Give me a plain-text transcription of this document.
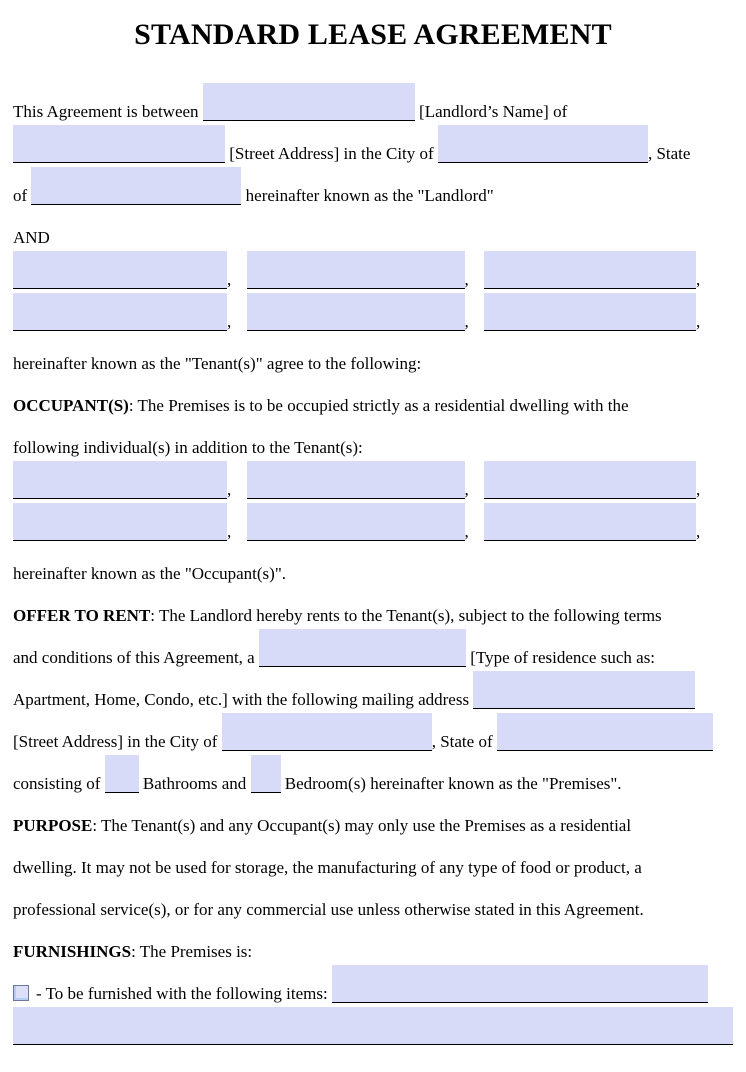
STANDARD LEASE AGREEMENT
This Agreement is between	[Landlord’s Name] of
[Street Address] in the City of	, State
of	hereinafter known as the "Landlord"
AND
,	,	,
,	,	,
hereinafter known as the "Tenant(s)" agree to the following:
OCCUPANT(S): The Premises is to be occupied strictly as a residential dwelling with the
following individual(s) in addition to the Tenant(s):
,	,	,
,	,	,
hereinafter known as the "Occupant(s)".
OFFER TO RENT: The Landlord hereby rents to the Tenant(s), subject to the following terms
and conditions of this Agreement, a	[Type of residence such as:
Apartment, Home, Condo, etc.] with the following mailing address
[Street Address] in the City of	, State of
consisting of	Bathrooms and Bedroom(s) hereinafter known as the "Premises".
PURPOSE: The Tenant(s) and any Occupant(s) may only use the Premises as a residential
dwelling. It may not be used for storage, the manufacturing of any type of food or product, a
professional service(s), or for any commercial use unless otherwise stated in this Agreement.
FURNISHINGS: The Premises is:
- To be furnished with the following items:
